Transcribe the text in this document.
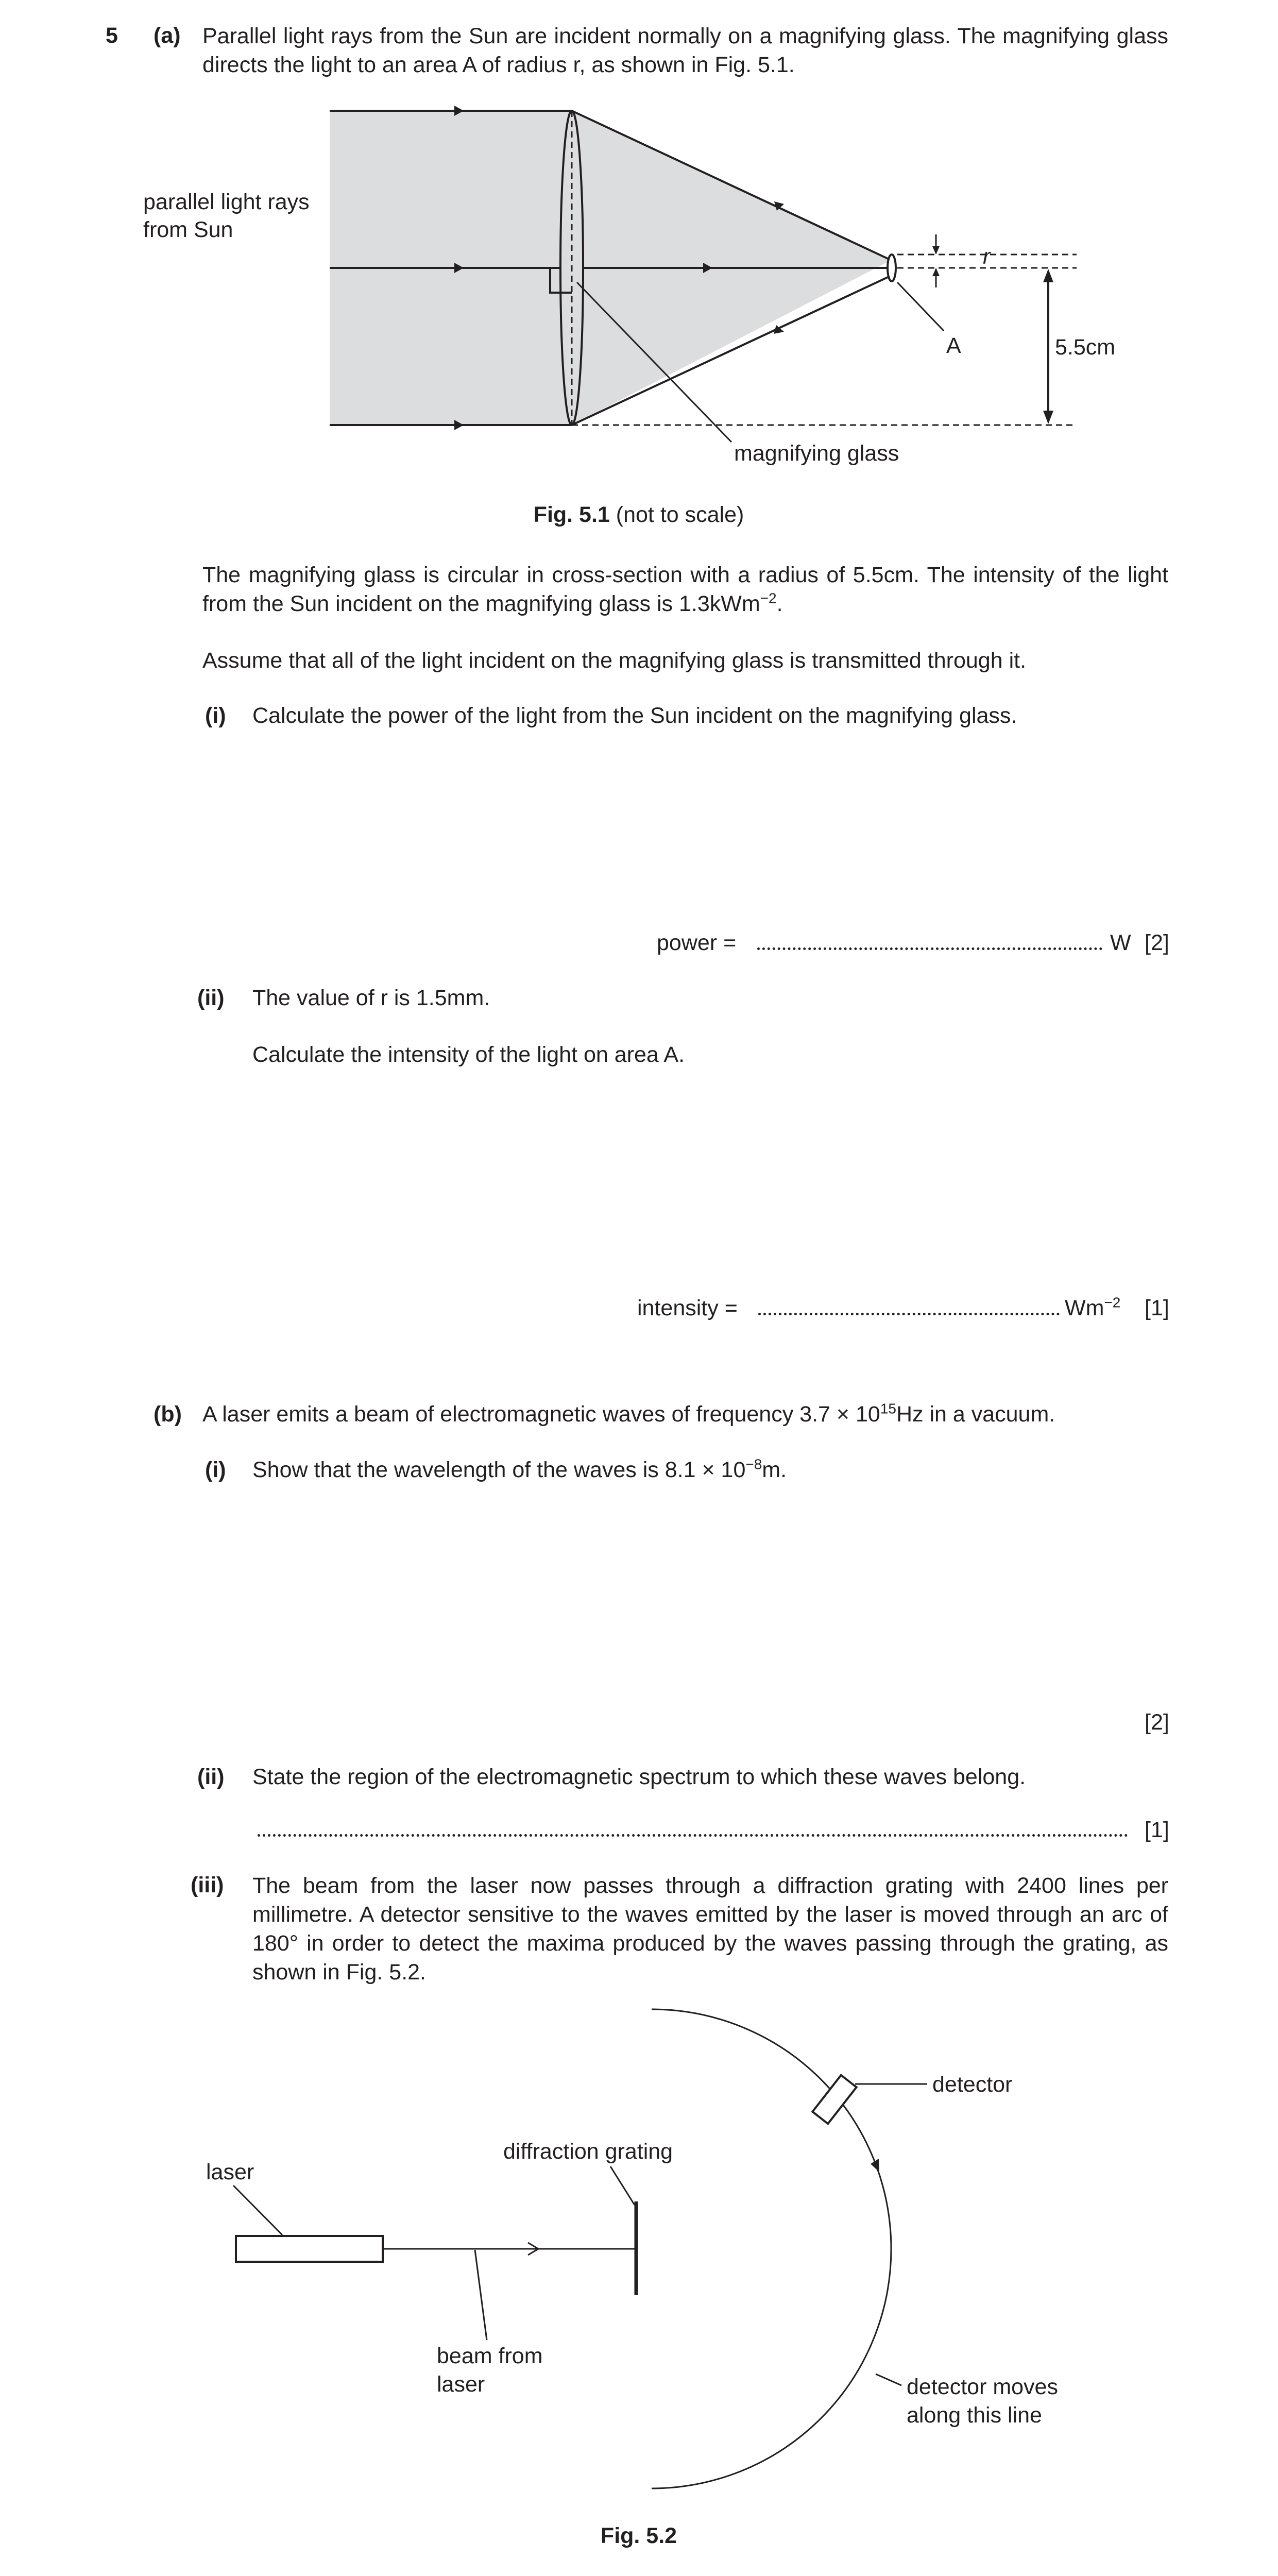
5 (a) Parallel light rays from the Sun are incident normally on a magnifying glass. The magnifying glass directs the light to an area A of radius r, as shown in Fig. 5.1.
parallel light rays
from Sun
r
A	5.5cm
magnifying glass
Fig. 5.1 (not to scale)
The magnifying glass is circular in cross-section with a radius of 5.5cm. The intensity of the light from the Sun incident on the magnifying glass is 1.3kWm$^{-2}$.
Assume that all of the light incident on the magnifying glass is transmitted through it.
(i) Calculate the power of the light from the Sun incident on the magnifying glass.
power =	W [2]
(ii) The value of r is 1.5mm.
Calculate the intensity of the light on area A.
intensity =	$Wm^{-2}$ [1]
(b) A laser emits a beam of electromagnetic waves of frequency $3.7 \times 10^{15}Hz$ in a vacuum.
(i) Show that the wavelength of the waves is $8.1 \times 10^{-8}m$.
[2]
(ii) State the region of the electromagnetic spectrum to which these waves belong.
[1]
(iii) The beam from the laser now passes through a diffraction grating with 2400 lines per millimetre. A detector sensitive to the waves emitted by the laser is moved through an arc of 180° in order to detect the maxima produced by the waves passing through the grating, as shown in Fig. 5.2.
detector
laser
diffraction grating
beam from
laser	detector moves
along this line
Fig. 5.2
